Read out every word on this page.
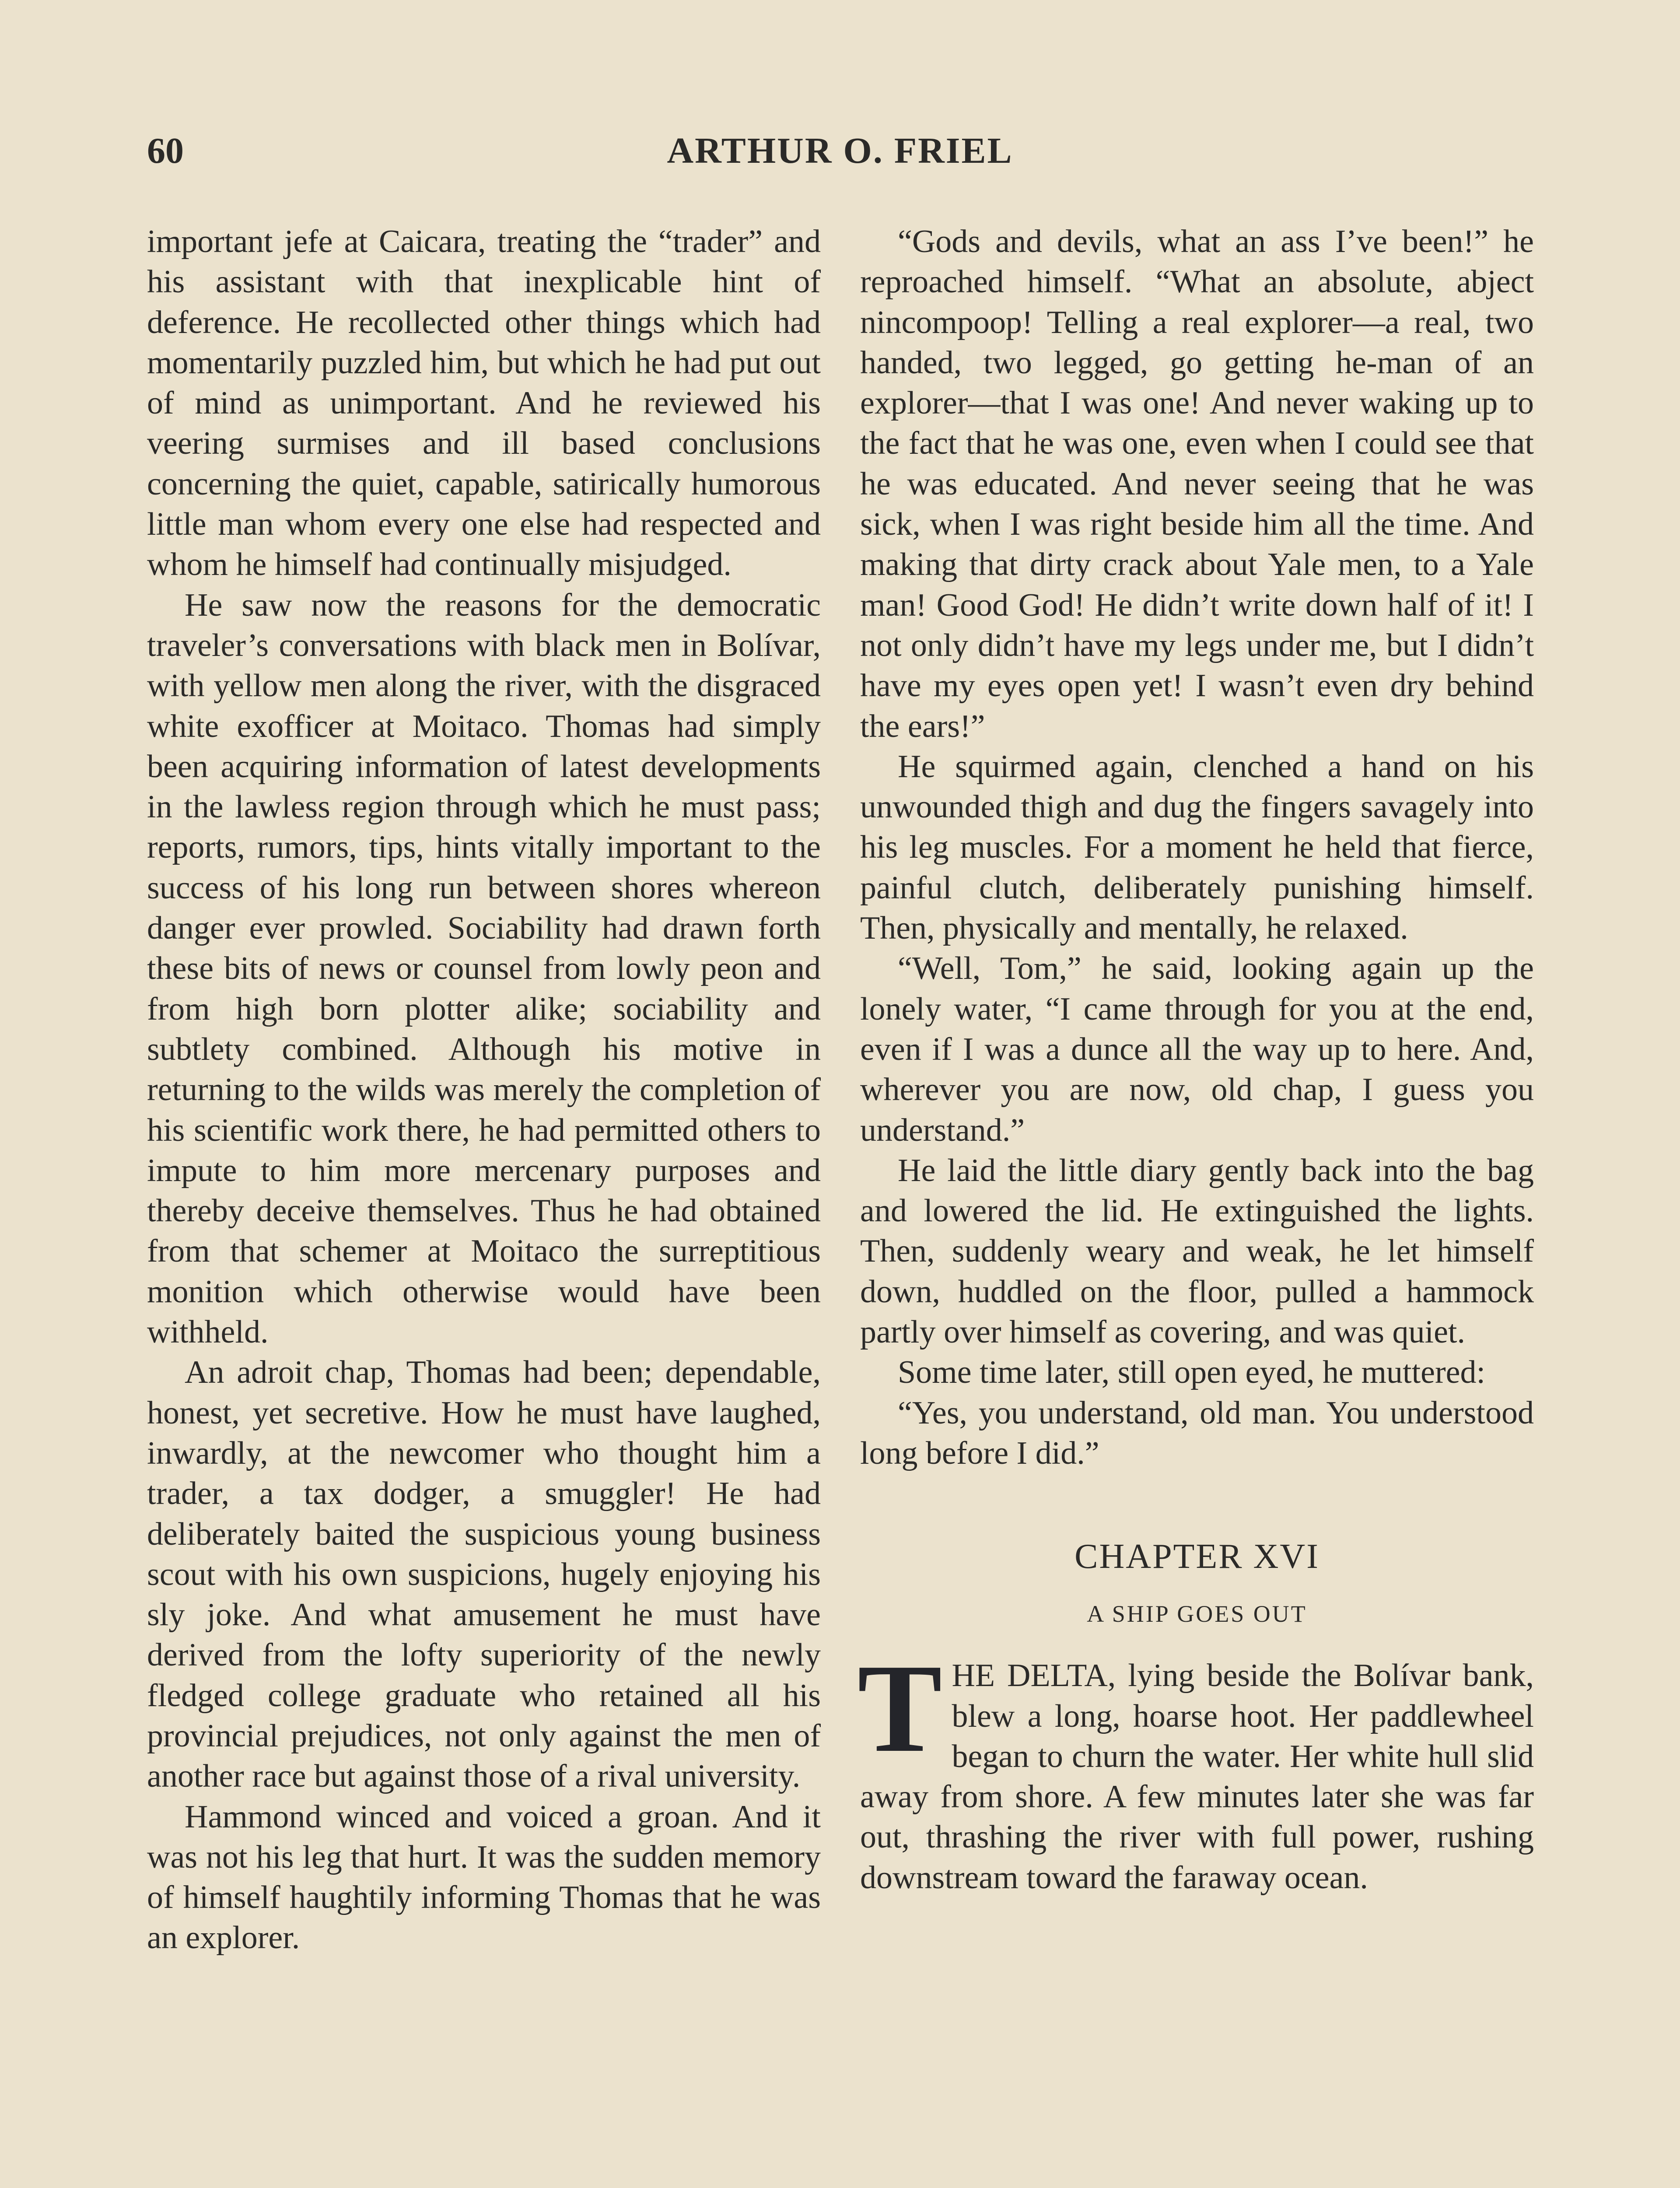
60	ARTHUR O. FRIEL

important jefe at Caicara, treating the “trader” and his assistant with that inexplicable hint of deference. He recollected other things which had momentarily puzzled him, but which he had put out of mind as unimportant. And he reviewed his veering surmises and ill based conclusions concerning the quiet, capable, satirically humorous little man whom every one else had respected and whom he himself had continually misjudged.

He saw now the reasons for the democratic traveler’s conversations with black men in Bolívar, with yellow men along the river, with the disgraced white exofficer at Moitaco. Thomas had simply been acquiring information of latest developments in the lawless region through which he must pass; reports, rumors, tips, hints vitally important to the success of his long run between shores whereon danger ever prowled. Sociability had drawn forth these bits of news or counsel from lowly peon and from high born plotter alike; sociability and subtlety combined. Although his motive in returning to the wilds was merely the completion of his scientific work there, he had permitted others to impute to him more mercenary purposes and thereby deceive themselves. Thus he had obtained from that schemer at Moitaco the surreptitious monition which otherwise would have been withheld.

An adroit chap, Thomas had been; dependable, honest, yet secretive. How he must have laughed, inwardly, at the newcomer who thought him a trader, a tax dodger, a smuggler! He had deliberately baited the suspicious young business scout with his own suspicions, hugely enjoying his sly joke. And what amusement he must have derived from the lofty superiority of the newly fledged college graduate who retained all his provincial prejudices, not only against the men of another race but against those of a rival university.

Hammond winced and voiced a groan. And it was not his leg that hurt. It was the sudden memory of himself haughtily informing Thomas that he was an explorer.

“Gods and devils, what an ass I’ve been!” he reproached himself. “What an absolute, abject nincompoop! Telling a real explorer—a real, two handed, two legged, go getting he-man of an explorer—that I was one! And never waking up to the fact that he was one, even when I could see that he was educated. And never seeing that he was sick, when I was right beside him all the time. And making that dirty crack about Yale men, to a Yale man! Good God! He didn’t write down half of it! I not only didn’t have my legs under me, but I didn’t have my eyes open yet! I wasn’t even dry behind the ears!”

He squirmed again, clenched a hand on his unwounded thigh and dug the fingers savagely into his leg muscles. For a moment he held that fierce, painful clutch, deliberately punishing himself. Then, physically and mentally, he relaxed.

“Well, Tom,” he said, looking again up the lonely water, “I came through for you at the end, even if I was a dunce all the way up to here. And, wherever you are now, old chap, I guess you understand.”

He laid the little diary gently back into the bag and lowered the lid. He extinguished the lights. Then, suddenly weary and weak, he let himself down, huddled on the floor, pulled a hammock partly over himself as covering, and was quiet.

Some time later, still open eyed, he muttered:

“Yes, you understand, old man. You understood long before I did.”

CHAPTER XVI
A SHIP GOES OUT
T HE DELTA, lying beside the Bolívar bank, blew a long, hoarse hoot. Her paddlewheel began to churn the water. Her white hull slid away from shore. A few minutes later she was far out, thrashing the river with full power, rushing downstream toward the faraway ocean.
